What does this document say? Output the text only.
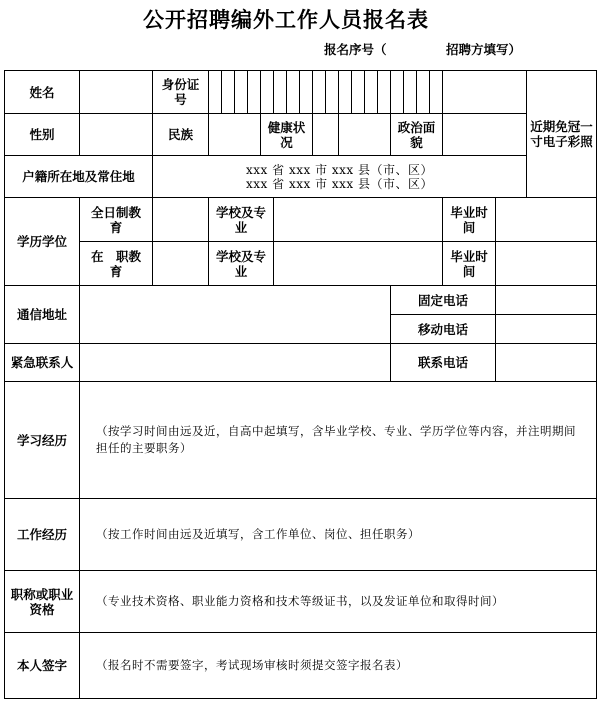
公开招聘编外工作人员报名表
报名序号（	招聘方填写）
姓名		身份证号																					近期免冠一寸电子彩照
性别		民族					健康状况										政治面貌						
户籍所在地及常住地		xxx 省 xxx 市 xxx 县（市、区）
xxx 省 xxx 市 xxx 县（市、区）																					

学历学位	全日制教　育		学校及专业																		毕业时间		
	在　职教　育		学校及专业																		毕业时间		
通信地址																	固定电话						
																	移动电话						
紧急联系人																	联系电话						
学习经历	（按学习时间由远及近，自高中起填写，含毕业学校、专业、学历学位等内容，并注明期间担任的主要职务）																						
工作经历	（按工作时间由远及近填写，含工作单位、岗位、担任职务）																						
职称或职业资格	（专业技术资格、职业能力资格和技术等级证书，以及发证单位和取得时间）																						
本人签字	（报名时不需要签字，考试现场审核时须提交签字报名表）																						
